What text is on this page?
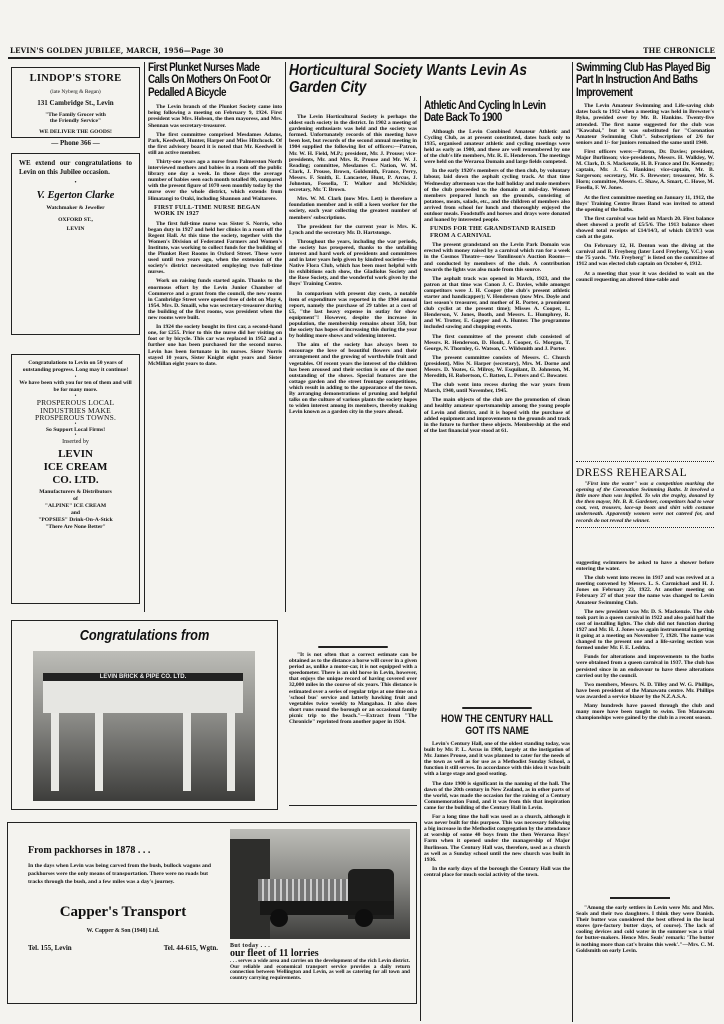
LEVIN'S GOLDEN JUBILEE, MARCH, 1956—Page 30	THE CHRONICLE
LINDOP'S STORE
(late Nyberg & Regan)
131 Cambridge St., Levin
"The Family Grocer with
the Friendly Service"
WE DELIVER THE GOODS!
— Phone 366 —
WE extend our congratulations to Levin on this Jubilee occasion.
•
V. Egerton Clarke
Watchmaker & Jeweller
OXFORD ST.,
LEVIN
Congratulations to Levin on 50 years of outstanding progress. Long may it continue!
•
We have been with you for ten of them and will be for many more.
•
PROSPEROUS LOCAL INDUSTRIES MAKE PROSPEROUS TOWNS.
•
So Support Local Firms!
•
Inserted by
LEVIN
ICE CREAM
CO. LTD.
Manufacturers & Distributors
of
"ALPINE" ICE CREAM
and
"POPSIES" Drink-On-A-Stick
"There Are None Better"
First Plunket Nurses Made Calls On Mothers On Foot Or Pedalled A Bicycle

The Levin branch of the Plunket Society came into being following a meeting on February 9, 1924. First president was Mrs. Hobson, the then mayoress, and Mrs. Shennan was secretary-treasurer.

The first committee comprised Mesdames Adams, Park, Keedwell, Hunter, Harper and Miss Hitchcock. Of the first advisory board it is noted that Mr. Keedwell is still an active member.

Thirty-one years ago a nurse from Palmerston North interviewed mothers and babies in a room off the public library one day a week. In those days the average number of babies seen each month totalled 80, compared with the present figure of 1070 seen monthly today by the nurse over the whole district, which extends from Himatangi to Otaki, including Shannon and Waitarere.

FIRST FULL-TIME NURSE BEGAN WORK IN 1927

The first full-time nurse was Sister S. Norris, who began duty in 1927 and held her clinics in a room off the Regent Hall. At this time the society, together with the Women's Division of Federated Farmers and Women's Institute, was working to collect funds for the building of the Plunket Rest Rooms in Oxford Street. These were used until two years ago, when the extension of the society's district necessitated employing two full-time nurses.

Work on raising funds started again. Thanks to the enormous effort by the Levin Junior Chamber of Commerce and a grant from the council, the new rooms in Cambridge Street were opened free of debt on May 4, 1954. Mrs. D. Smaill, who was secretary-treasurer during the building of the first rooms, was president when the new rooms were built.

In 1924 the society bought its first car, a second-hand one, for £255. Prior to this the nurse did her visiting on foot or by bicycle. This car was replaced in 1952 and a further one has been purchased for the second nurse. Levin has been fortunate in its nurses. Sister Norris stayed 10 years, Sister Knight eight years and Sister McMillan eight years to date.

Horticultural Society Wants Levin As Garden City

The Levin Horticultural Society is perhaps the oldest such society in the district. In 1902 a meeting of gardening enthusiasts was held and the society was formed. Unfortunately records of this meeting have been lost, but records of the second annual meeting in 1904 supplied the following list of officers:—Patron, Mr. W. H. Field, M.P.; president, Mr. J. Prouse; vice-presidents, Mr. and Mrs. R. Prouse and Mr. W. J. Reading; committee, Mesdames C. Nation, W. M. Clark, J. Prouse, Brown, Goldsmith, France, Perry, Messrs. F. Smith, E. Lancaster, Hunt, P. Arcus, J. Johnston, Fossella, T. Walker and McNickle; secretary, Mr. T. Brown.

Mrs. W. M. Clark (now Mrs. Lett) is therefore a foundation member and is still a keen worker for the society, each year collecting the greatest number of members' subscriptions.

The president for the current year is Mrs. K. Lynch and the secretary Mr. D. Hartstonge.

Throughout the years, including the war periods, the society has prospered, thanks to the unfailing interest and hard work of presidents and committees and in later years help given by kindred societies—the Native Flora Club, which has been most helpful with its exhibitions each show, the Gladiolus Society and the Rose Society, and the wonderful work given by the Boys' Training Centre.

In comparison with present day costs, a notable item of expenditure was reported in the 1904 annual report, namely the purchase of 29 tables at a cost of £5, "the last heavy expense in outlay for show equipment"! However, despite the increase in population, the membership remains about 350, but the society has hopes of increasing this during the year by holding more shows and widening interest.

The aim of the society has always been to encourage the love of beautiful flowers and their arrangement and the growing of worthwhile fruit and vegetables. Of recent years the interest of the children has been aroused and their section is one of the most outstanding of the shows. Special features are the cottage garden and the street frontage competitions, which result in adding to the appearance of the town. By arranging demonstrations of pruning and helpful talks on the culture of various plants the society hopes to widen interest among its members, thereby making Levin known as a garden city in the years ahead.

"It is not often that a correct estimate can be obtained as to the distance a horse will cover in a given period as, unlike a motor-car, it is not equipped with a speedometer. There is an old horse in Levin, however, that enjoys the unique record of having covered over 32,000 miles in the course of six years. This distance is estimated over a series of regular trips at one time on a 'school bus' service and latterly hawking fruit and vegetables twice weekly to Mangahao. It also does short runs round the borough or an occasional family picnic trip to the beach."—Extract from "The Chronicle" reprinted from another paper in 1924.

Athletic And Cycling In Levin Date Back To 1900

Although the Levin Combined Amateur Athletic and Cycling Club, as at present constituted, dates back only to 1935, organised amateur athletic and cycling meetings were held as early as 1900, and these are well remembered by one of the club's life members, Mr. R. E. Henderson. The meetings were held on the Weraroa Domain and large fields competed.

In the early 1920's members of the then club, by voluntary labour, laid down the asphalt cycling track. At that time Wednesday afternoon was the half holiday and male members of the club proceeded to the domain at mid-day. Women members prepared lunch on the grounds, consisting of potatoes, meats, salads, etc., and the children of members also arrived from school for lunch and thoroughly enjoyed the outdoor meals. Foodstuffs and horses and drays were donated and loaned by interested people.

FUNDS FOR THE GRANDSTAND RAISED FROM A CARNIVAL

The present grandstand on the Levin Park Domain was erected with money raised by a carnival which ran for a week in the Cosmos Theatre—now Tomlinson's Auction Rooms—and conducted by members of the club. A contribution towards the lights was also made from this source.

The asphalt track was opened in March, 1923, and the patron at that time was Canon J. C. Davies, while amongst competitors were J. H. Cooper (the club's present athletic starter and handicapper); V. Henderson (now Mrs. Doyle and last season's treasurer, and mother of R. Porter, a prominent club cyclist at the present time); Misses A. Cooper, L. Henderson, V. Jones, Booth, and Messrs. L. Humphrey, R. and W. Trotter, E. Gapper and A. Hunter. The programme included sawing and chopping events.

The first committee of the present club consisted of Messrs. R. Henderson, D. Hoult, J. Cooper, G. Morgan, T. George, N. Thornley, G. Watson, C. Wildsmith and J. Porter.

The present committee consists of Messrs. C. Church (president), Miss N. Harper (secretary), Mrs. M. Dorne and Messrs. D. Yeates, G. Milroy, W. Esquilant, D. Johnston, M. Meredith, H. Robertson, C. Batten, L. Peters and C. Bowater.

The club went into recess during the war years from March, 1940, until November, 1945.

The main objects of the club are the promotion of clean and healthy amateur sportsmanship among the young people of Levin and district, and it is hoped with the purchase of added equipment and improvements to the grounds and track in the future to further these objects. Membership at the end of the last financial year stood at 61.

HOW THE CENTURY HALL
GOT ITS NAME

Levin's Century Hall, one of the oldest standing today, was built by Mr. P. L. Arcus in 1900, largely at the instigation of Mr. James Prouse, and it was planned to cater for the needs of the town as well as for use as a Methodist Sunday School, a function it still serves. In accordance with this idea it was built with a large stage and good seating.

The date 1900 is significant in the naming of the hall. The dawn of the 20th century in New Zealand, as in other parts of the world, was made the occasion for the raising of a Century Commemoration Fund, and it was from this that inspiration came for the building of the Century Hall in Levin.

For a long time the hall was used as a church, although it was never built for this purpose. This was necessary following a big increase in the Methodist congregation by the attendance at worship of some 40 boys from the then Weraroa Boys' Farm when it opened under the managership of Major Burlinson. The Century Hall was, therefore, used as a church as well as a Sunday school until the new church was built in 1936.

In the early days of the borough the Century Hall was the central place for much social activity of the town.

Swimming Club Has Played Big Part In Instruction And Baths Improvement

The Levin Amateur Swimming and Life-saving club dates back to 1912 when a meeting was held in Brewster's Byko, presided over by Mr. B. Hankins. Twenty-five attended. The first name suggested for the club was "Kawahai," but it was substituted for "Coronation Amateur Swimming Club". Subscriptions of 2/6 for seniors and 1/- for juniors remained the same until 1940.

First officers were:—Patron, Dr. Davies; president, Major Burlinson; vice-presidents, Messrs. H. Walkley, W. M. Clark, D. S. Mackenzie, H. B. France and Dr. Kennedy; captain, Mr. J. G. Hankins; vice-captain, Mr. B. Sargerson; secretary, Mr. S. Brewster; treasurer, Mr. S. Horn; committee, Messrs. C. Shaw, A. Smart, C. Howe, M. Fosella, F. W. Jones.

At the first committee meeting on January 11, 1912, the Boys' Training Centre Brass Band was invited to attend the opening of the baths.

The first carnival was held on March 20. First balance sheet showed a profit of £5/5/6. The 1913 balance sheet showed total receipts of £14/14/3, of which £8/19/3 was cash at the gate.

On February 12, H. Denton won the diving at the carnival and B. Freyberg (later Lord Freyberg, V.C.) won the 75 yards. "Mr. Freyberg" is listed on the committee of 1912 and was elected club captain on October 4, 1912.

At a meeting that year it was decided to wait on the council requesting an altered time-table and

DRESS REHEARSAL

"First into the water" was a competition marking the opening of the Coronation Swimming Baths. It involved a little more than was implied. To win the trophy, donated by the then mayor, Mr. B. R. Gardener, competitors had to wear coat, vest, trousers, lace-up boots and shirt with costume underneath. Apparently women were not catered for, and records do not reveal the winner.

suggesting swimmers be asked to have a shower before entering the water.

The club went into recess in 1917 and was revived at a meeting convened by Messrs. L. S. Carmichael and H. J. Jones on February 23, 1922. At another meeting on February 27 of that year the name was changed to Levin Amateur Swimming Club.

The new president was Mr. D. S. Mackenzie. The club took part in a queen carnival in 1922 and also paid half the cost of installing lights. The club did not function during 1927 and Mr. H. J. Jones was again instrumental in getting it going at a meeting on November 7, 1928. The name was changed to the present one and a life-saving section was formed under Mr. F. E. Leddra.

Funds for alterations and improvements to the baths were obtained from a queen carnival in 1937. The club has persisted since in an endeavour to have these alterations carried out by the council.

Two members, Messrs. N. D. Tilley and W. G. Phillips, have been president of the Manawatu centre. Mr. Phillips was awarded a service blazer by the N.Z.A.S.A.

Many hundreds have passed through the club and many more have been taught to swim. Ten Manawatu championships were gained by the club in a recent season.

"Among the early settlers in Levin were Mr. and Mrs. Seals and their two daughters. I think they were Danish. Their butter was considered the best offered in the local stores (pre-factory butter days, of course). The lack of cooling devices and cold water in the summer was a trial for butter-makers. Hence Mrs. Seals' remark: 'The butter is nothing more than cat's brains this week'."—Mrs. C. M. Goldsmith on early Levin.

Congratulations from
LEVIN BRICK & PIPE CO. LTD.
From packhorses in 1878 . . .
In the days when Levin was being carved from the bush, bullock wagons and packhorses were the only means of transportation. There were no roads but tracks through the bush, and a few miles was a day's journey.
Capper's Transport
W. Capper & Son (1948) Ltd.
Tel. 155, Levin	Tel. 44-615, Wgtn. But today . . .
our fleet of 11 lorries
. . . serves a wide area and carries on the development of the rich Levin district. Our reliable and economical transport service provides a daily return connection between Wellington and Levin, as well as catering for all town and country carrying requirements.
